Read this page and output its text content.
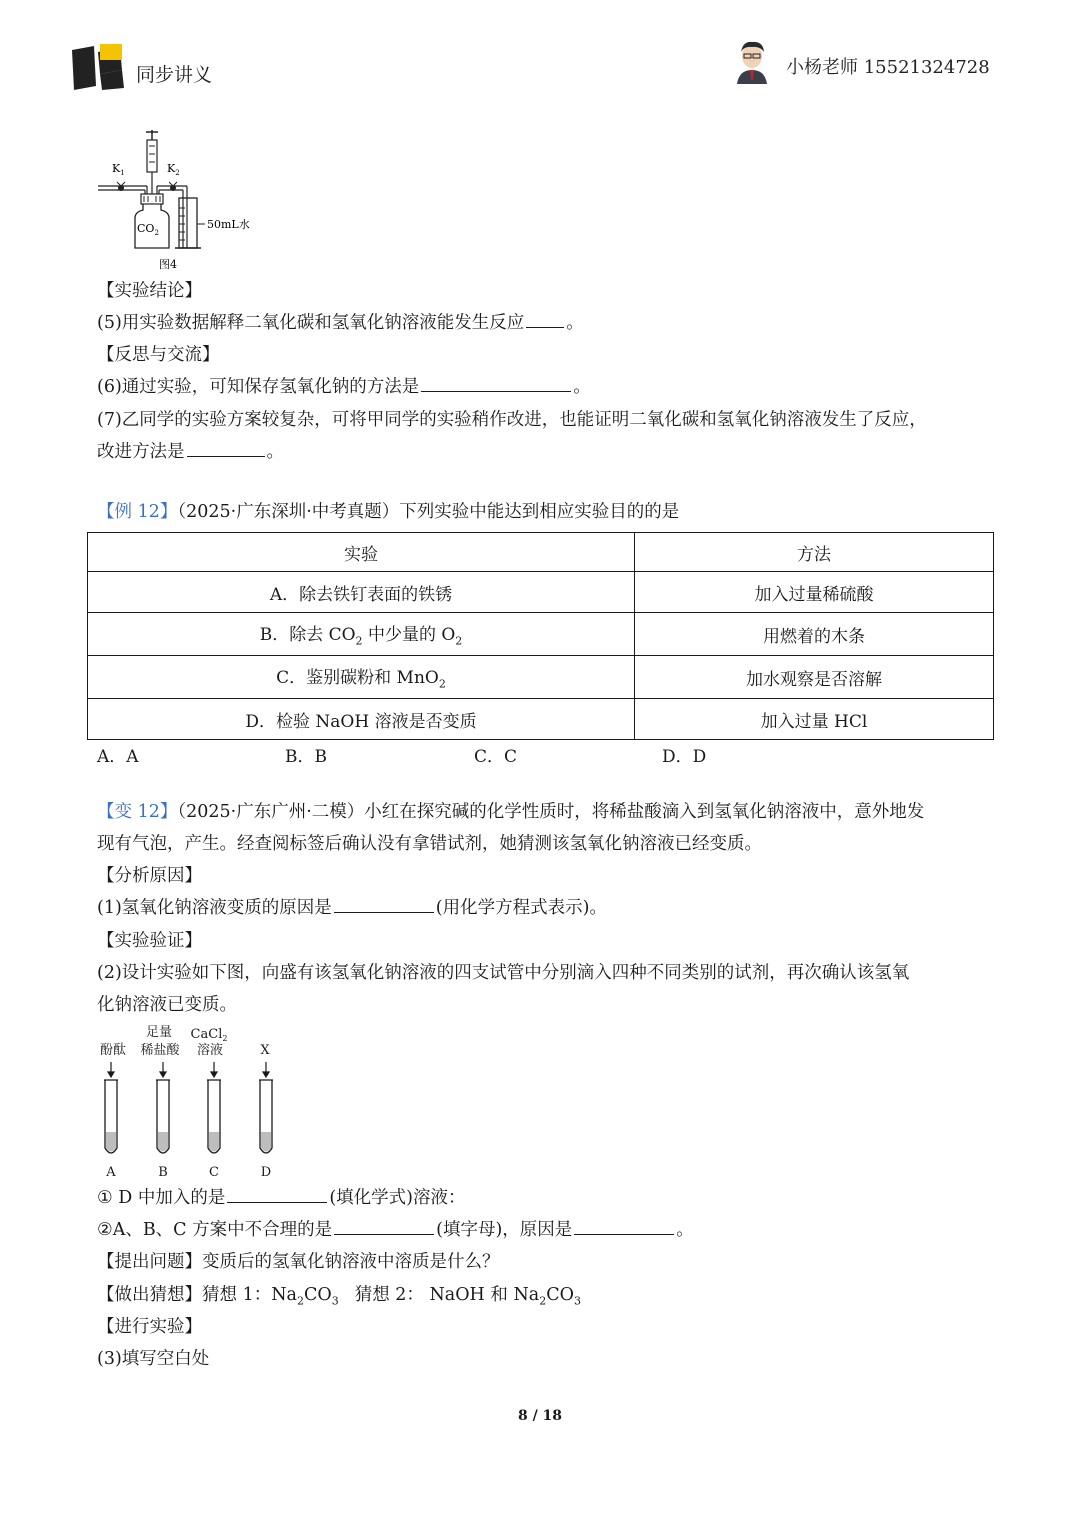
同步讲义	小杨老师 15521324728
$K_1$	$K_2$
$CO_2$
50mL水
图4
【实验结论】
(5)用实验数据解释二氧化碳和氢氧化钠溶液能发生反应 。
【反思与交流】
(6)通过实验，可知保存氢氧化钠的方法是	。
(7)乙同学的实验方案较复杂，可将甲同学的实验稍作改进，也能证明二氧化碳和氢氧化钠溶液发生了反应，
改进方法是	。
【例 12】（2025·广东深圳·中考真题）下列实验中能达到相应实验目的的是
实验	方法
A．除去铁钉表面的铁锈	加入过量稀硫酸
B．除去 $CO_2$ 中少量的 $O_2$	用燃着的木条
C．鉴别碳粉和 MnO$_2$	加水观察是否溶解
D．检验 NaOH 溶液是否变质	加入过量 HCl
A．A	B．B	C．C	D．D
【变 12】（2025·广东广州·二模）小红在探究碱的化学性质时，将稀盐酸滴入到氢氧化钠溶液中，意外地发
现有气泡，产生。经查阅标签后确认没有拿错试剂，她猜测该氢氧化钠溶液已经变质。
【分析原因】
(1)氢氧化钠溶液变质的原因是	(用化学方程式表示)。
【实验验证】
(2)设计实验如下图，向盛有该氢氧化钠溶液的四支试管中分别滴入四种不同类别的试剂，再次确认该氢氧
化钠溶液已变质。
足量 CaCl$_2$
酚酞 稀盐酸 溶液	X
A	B	C	D
① D 中加入的是	(填化学式)溶液：
②A、B、C 方案中不合理的是	(填字母)，原因是	。
【提出问题】变质后的氢氧化钠溶液中溶质是什么？
【做出猜想】猜想 1：$Na_2CO_3$ 猜想 2： NaOH 和 $Na_2CO_3$
【进行实验】
(3)填写空白处
8 / 18
